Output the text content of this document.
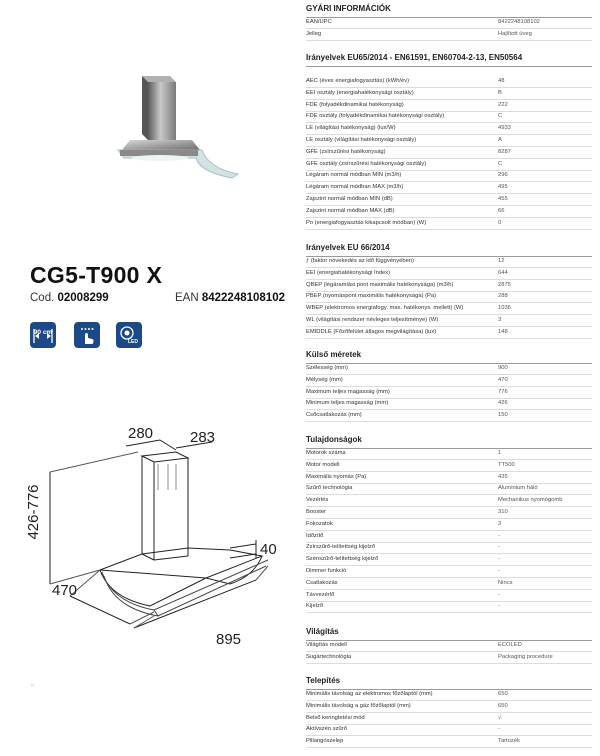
CG5-T900 X
Cod. 02008299	EAN 8422248108102
90 cm
LED
280 283
40
470
895
426-776
□
GYÁRI INFORMÁCIÓK
EAN/UPC	8422248108102
Jelleg	Hajlított üveg
Irányelvek EU65/2014 - EN61591, EN60704-2-13, EN50564
AEC (éves energiafogyasztás) (kWh/év)	48
EEI osztály (energiahatékonysági osztály)	B
FDE (folyadékdinamikai hatékonyság)	222
FDE osztály (folyadékdinamikai hatékonysági osztály)	C
LE (világítási hatékonyság) (lux/W)	4933
LE osztály (világítási hatékonysági osztály)	A
GFE (zsírszűrési hatékonyság)	8287
GFE osztály (zsírszűrési hatékonysági osztály)	C
Légáram normál módban MIN (m3/h)	296
Légáram normál módban MAX (m3/h)	495
Zajszint normál módban MIN (dB)	455
Zajszint normál módban MAX (dB)	66
Po (energiafogyasztás kikapcsolt módban) (W)	0
Irányelvek EU 66/2014
ƒ (faktor növekedés az idő függvényében)	12
EEI (energiahatékonysági Index)	644
QBEP (légáramlási pont maximális hatékonysága) (m3/h)	2875
PBEP (nyomáspont maximális hatékonysága) (Pa)	288
WBEP (elektromos energiafogy. max. hatékonys. mellett) (W)	1036
WL (világítási rendszer névleges teljesítménye) (W)	3
EMIDDLE (Főzőfelület átlagos megvilágítása) (lux)	148
Külső méretek
Szélesség (mm)	900
Mélység (mm)	470
Maximum teljes magasság (mm)	776
Minimum teljes magasság (mm)	426
Csőcsatlakozás (mm)	150
Tulajdonságok
Motorok száma	1
Motor modell	TT500
Maximális nyomás (Pa)	435
Szűrő technológia	Aluminium háló
Vezérlés	Mechanikus nyomógomb
Booster	310
Fokozatok	3
Időzítő	-
Zsírszűrő-telítettség kijelző	-
Szénszűrő-telítettség kijelző	-
Dimmer funkció	-
Csatlakozás	Nincs
Távvezérlő	-
Kijelző	-
Világítás
Világítás modell	ECOLED
Sugártechnológia	Packaging procedure
Telepítés
Minimális távolság az elektromos főzőlaptól (mm)	650
Minimális távolság a gáz főzőlaptól (mm)	650
Belső keringtetési mód	√
Aktívszén szűrő	-
Pillangószelep	Tartozék
